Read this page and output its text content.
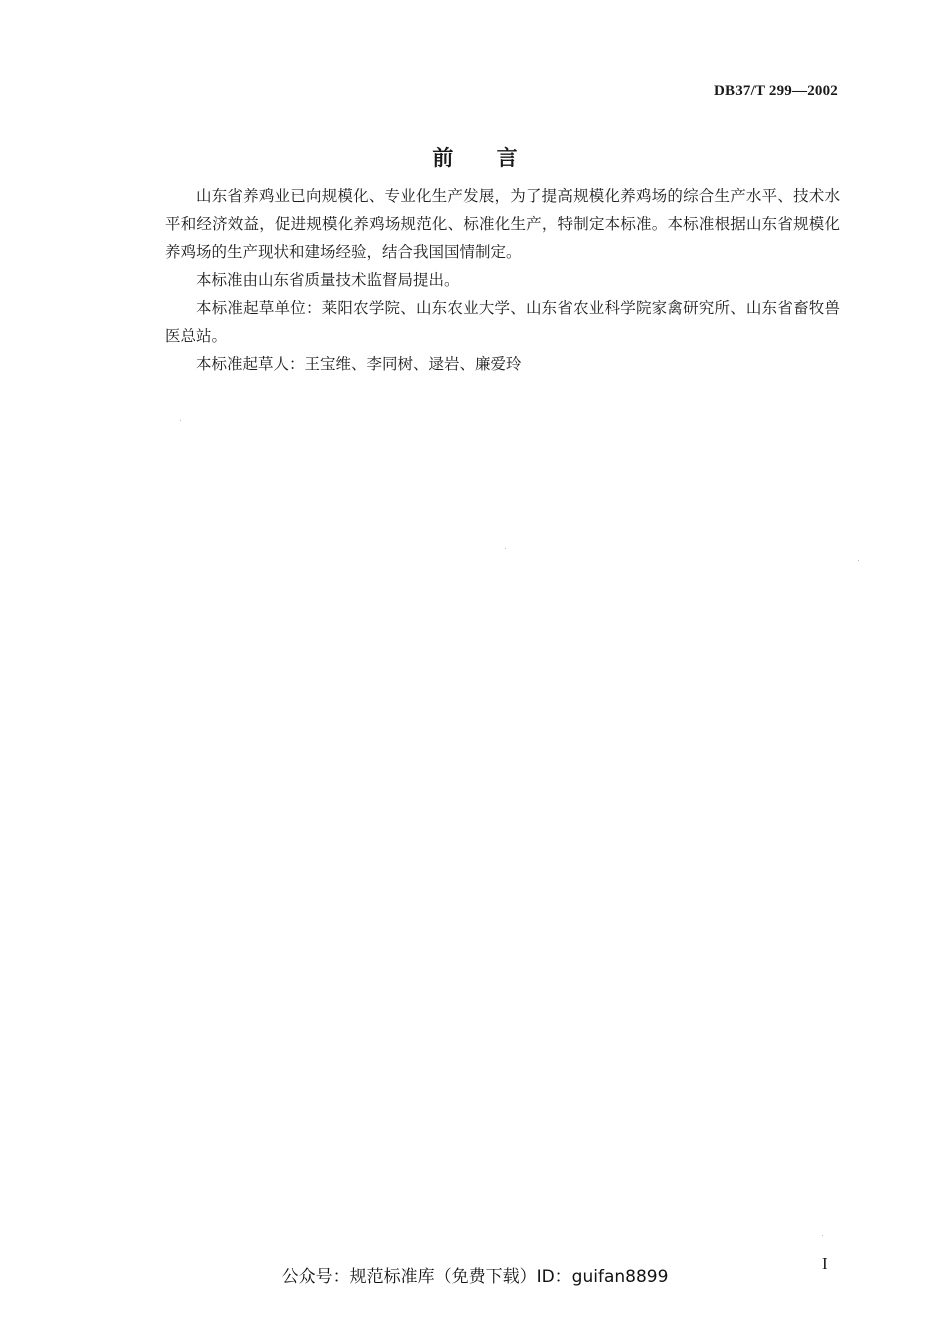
DB37/T 299—2002
前 言

山东省养鸡业已向规模化、专业化生产发展，为了提高规模化养鸡场的综合生产水平、技术水平和经济效益，促进规模化养鸡场规范化、标准化生产，特制定本标准。本标准根据山东省规模化养鸡场的生产现状和建场经验，结合我国国情制定。

本标准由山东省质量技术监督局提出。

本标准起草单位：莱阳农学院、山东农业大学、山东省农业科学院家禽研究所、山东省畜牧兽医总站。

本标准起草人：王宝维、李同树、逯岩、廉爱玲

I
公众号：规范标准库（免费下载）ID：guifan8899
